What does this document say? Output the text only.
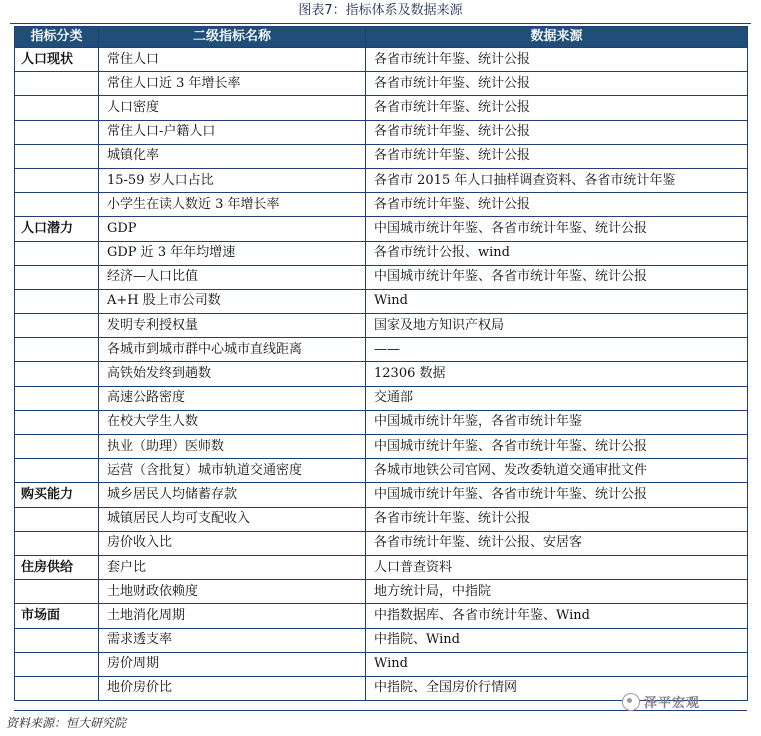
图表7：指标体系及数据来源
指标分类	二级指标名称	数据来源
人口现状	常住人口	各省市统计年鉴、统计公报
	常住人口近 3 年增长率	各省市统计年鉴、统计公报
	人口密度	各省市统计年鉴、统计公报
	常住人口-户籍人口	各省市统计年鉴、统计公报
	城镇化率	各省市统计年鉴、统计公报
	15-59 岁人口占比	各省市 2015 年人口抽样调查资料、各省市统计年鉴
	小学生在读人数近 3 年增长率	各省市统计年鉴、统计公报
人口潜力	GDP	中国城市统计年鉴、各省市统计年鉴、统计公报
	GDP 近 3 年年均增速	各省市统计公报、wind
	经济—人口比值	中国城市统计年鉴、各省市统计年鉴、统计公报
	A+H 股上市公司数	Wind
	发明专利授权量	国家及地方知识产权局
	各城市到城市群中心城市直线距离	——
	高铁始发终到趟数	12306 数据
	高速公路密度	交通部
	在校大学生人数	中国城市统计年鉴，各省市统计年鉴
	执业（助理）医师数	中国城市统计年鉴、各省市统计年鉴、统计公报
	运营（含批复）城市轨道交通密度	各城市地铁公司官网、发改委轨道交通审批文件
购买能力	城乡居民人均储蓄存款	中国城市统计年鉴、各省市统计年鉴、统计公报
	城镇居民人均可支配收入	各省市统计年鉴、统计公报
	房价收入比	各省市统计年鉴、统计公报、安居客
住房供给	套户比	人口普查资料
	土地财政依赖度	地方统计局，中指院
市场面	土地消化周期	中指数据库、各省市统计年鉴、Wind
	需求透支率	中指院、Wind
	房价周期	Wind
	地价房价比	中指院、全国房价行情网
泽平宏观
资料来源：恒大研究院
